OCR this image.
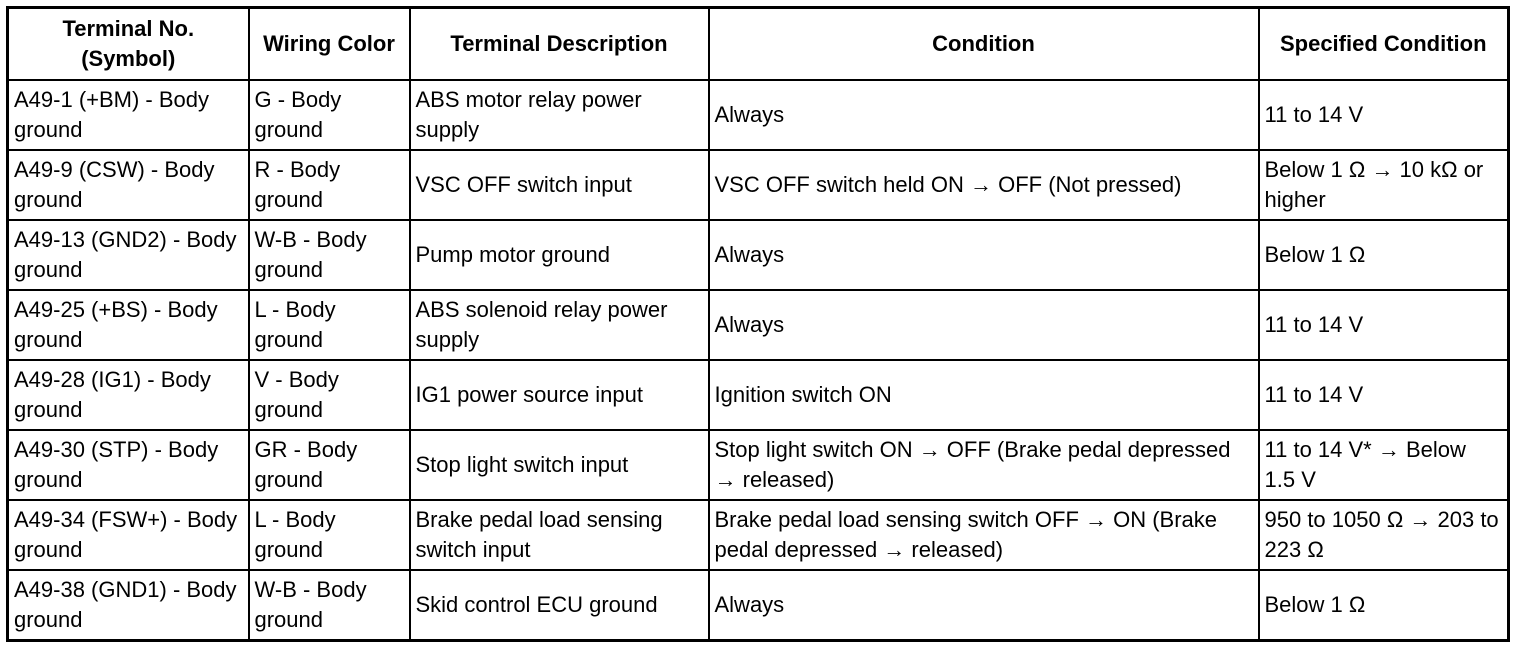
Terminal No.
(Symbol)	Wiring Color	Terminal Description	Condition	Specified Condition
A49-1 (+BM) - Body ground	G - Body ground	ABS motor relay power supply	Always	11 to 14 V
A49-9 (CSW) - Body ground	R - Body ground	VSC OFF switch input	VSC OFF switch held ON → OFF (Not pressed)	Below 1 Ω → 10 kΩ or higher
A49-13 (GND2) - Body ground	W-B - Body ground	Pump motor ground	Always	Below 1 Ω
A49-25 (+BS) - Body ground	L - Body ground	ABS solenoid relay power supply	Always	11 to 14 V
A49-28 (IG1) - Body ground	V - Body ground	IG1 power source input	Ignition switch ON	11 to 14 V
A49-30 (STP) - Body ground	GR - Body ground	Stop light switch input	Stop light switch ON → OFF (Brake pedal depressed → released)	11 to 14 V* → Below 1.5 V
A49-34 (FSW+) - Body ground	L - Body ground	Brake pedal load sensing switch input	Brake pedal load sensing switch OFF → ON (Brake pedal depressed → released)	950 to 1050 Ω → 203 to 223 Ω
A49-38 (GND1) - Body ground	W-B - Body ground	Skid control ECU ground	Always	Below 1 Ω
